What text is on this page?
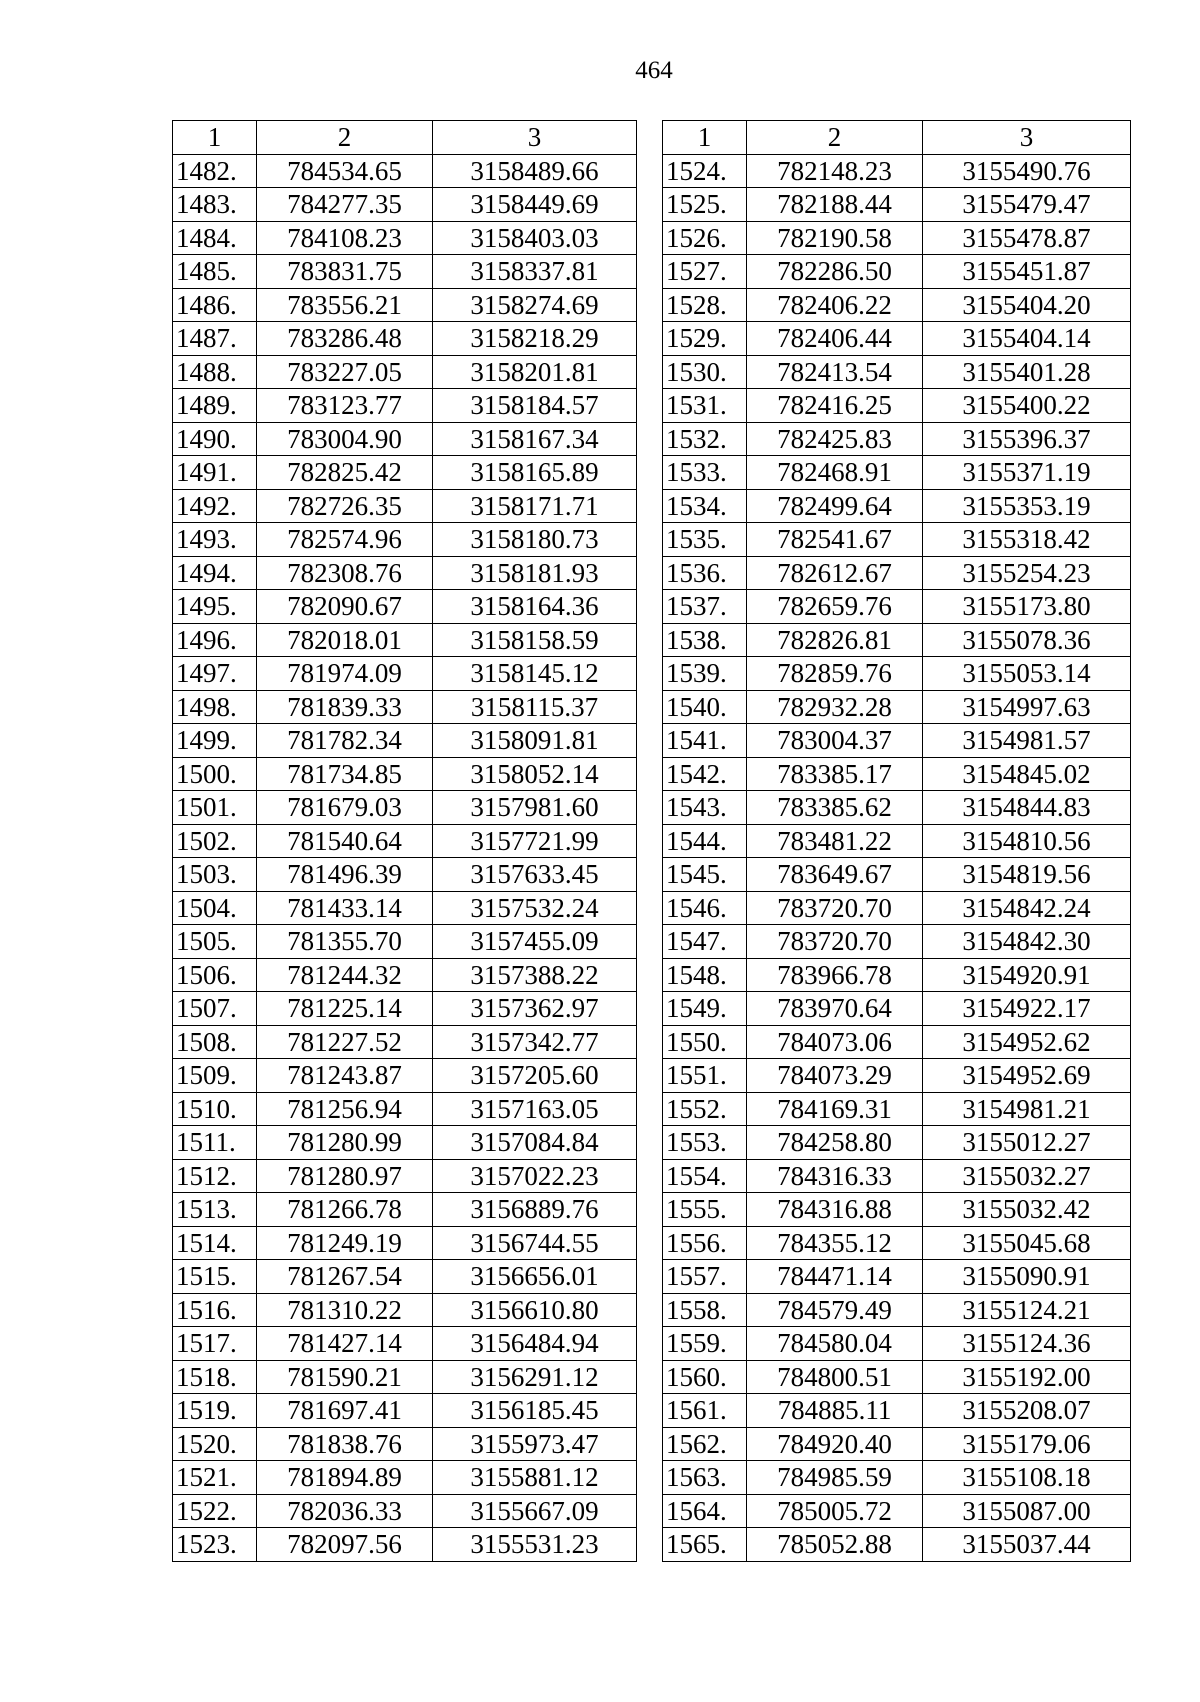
464
1	2	3
1482.	784534.65	3158489.66
1483.	784277.35	3158449.69
1484.	784108.23	3158403.03
1485.	783831.75	3158337.81
1486.	783556.21	3158274.69
1487.	783286.48	3158218.29
1488.	783227.05	3158201.81
1489.	783123.77	3158184.57
1490.	783004.90	3158167.34
1491.	782825.42	3158165.89
1492.	782726.35	3158171.71
1493.	782574.96	3158180.73
1494.	782308.76	3158181.93
1495.	782090.67	3158164.36
1496.	782018.01	3158158.59
1497.	781974.09	3158145.12
1498.	781839.33	3158115.37
1499.	781782.34	3158091.81
1500.	781734.85	3158052.14
1501.	781679.03	3157981.60
1502.	781540.64	3157721.99
1503.	781496.39	3157633.45
1504.	781433.14	3157532.24
1505.	781355.70	3157455.09
1506.	781244.32	3157388.22
1507.	781225.14	3157362.97
1508.	781227.52	3157342.77
1509.	781243.87	3157205.60
1510.	781256.94	3157163.05
1511.	781280.99	3157084.84
1512.	781280.97	3157022.23
1513.	781266.78	3156889.76
1514.	781249.19	3156744.55
1515.	781267.54	3156656.01
1516.	781310.22	3156610.80
1517.	781427.14	3156484.94
1518.	781590.21	3156291.12
1519.	781697.41	3156185.45
1520.	781838.76	3155973.47
1521.	781894.89	3155881.12
1522.	782036.33	3155667.09
1523.	782097.56	3155531.23
1	2	3
1524.	782148.23	3155490.76
1525.	782188.44	3155479.47
1526.	782190.58	3155478.87
1527.	782286.50	3155451.87
1528.	782406.22	3155404.20
1529.	782406.44	3155404.14
1530.	782413.54	3155401.28
1531.	782416.25	3155400.22
1532.	782425.83	3155396.37
1533.	782468.91	3155371.19
1534.	782499.64	3155353.19
1535.	782541.67	3155318.42
1536.	782612.67	3155254.23
1537.	782659.76	3155173.80
1538.	782826.81	3155078.36
1539.	782859.76	3155053.14
1540.	782932.28	3154997.63
1541.	783004.37	3154981.57
1542.	783385.17	3154845.02
1543.	783385.62	3154844.83
1544.	783481.22	3154810.56
1545.	783649.67	3154819.56
1546.	783720.70	3154842.24
1547.	783720.70	3154842.30
1548.	783966.78	3154920.91
1549.	783970.64	3154922.17
1550.	784073.06	3154952.62
1551.	784073.29	3154952.69
1552.	784169.31	3154981.21
1553.	784258.80	3155012.27
1554.	784316.33	3155032.27
1555.	784316.88	3155032.42
1556.	784355.12	3155045.68
1557.	784471.14	3155090.91
1558.	784579.49	3155124.21
1559.	784580.04	3155124.36
1560.	784800.51	3155192.00
1561.	784885.11	3155208.07
1562.	784920.40	3155179.06
1563.	784985.59	3155108.18
1564.	785005.72	3155087.00
1565.	785052.88	3155037.44
